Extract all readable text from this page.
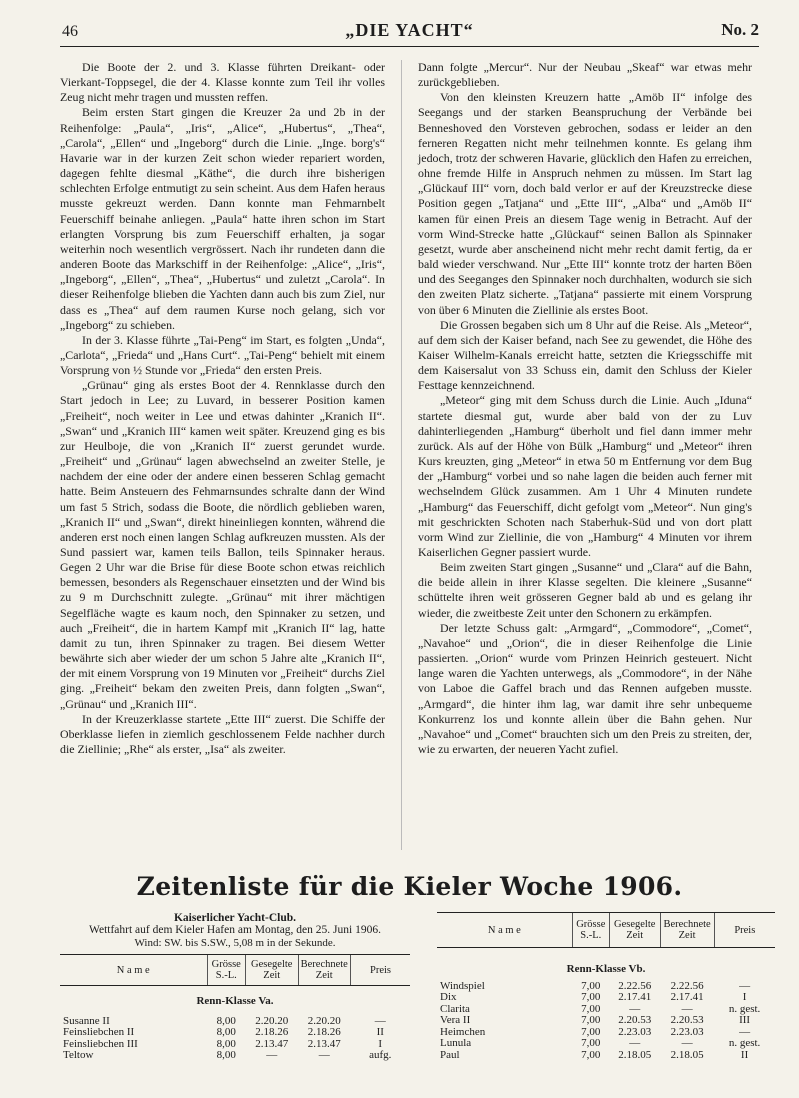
46	„DIE YACHT“	No. 2

Die Boote der 2. und 3. Klasse führten Dreikant- oder Vierkant-Toppsegel, die der 4. Klasse konnte zum Teil ihr volles Zeug nicht mehr tragen und mussten reffen.

Beim ersten Start gingen die Kreuzer 2a und 2b in der Reihenfolge: „Paula“, „Iris“, „Alice“, „Hubertus“, „Thea“, „Carola“, „Ellen“ und „Ingeborg“ durch die Linie. „Inge. borg's“ Havarie war in der kurzen Zeit schon wieder repariert worden, dagegen fehlte diesmal „Käthe“, die durch ihre bisherigen schlechten Erfolge entmutigt zu sein scheint. Aus dem Hafen heraus musste gekreuzt werden. Dann konnte man Fehmarnbelt Feuerschiff beinahe anliegen. „Paula“ hatte ihren schon im Start erlangten Vorsprung bis zum Feuerschiff erhalten, ja sogar weiterhin noch wesentlich vergrössert. Nach ihr rundeten dann die anderen Boote das Markschiff in der Reihenfolge: „Alice“, „Iris“, „Ingeborg“, „Ellen“, „Thea“, „Hubertus“ und zuletzt „Carola“. In dieser Reihenfolge blieben die Yachten dann auch bis zum Ziel, nur dass es „Thea“ auf dem raumen Kurse noch gelang, sich vor „Ingeborg“ zu schieben.

In der 3. Klasse führte „Tai-Peng“ im Start, es folgten „Unda“, „Carlota“, „Frieda“ und „Hans Curt“. „Tai-Peng“ behielt mit einem Vorsprung von ½ Stunde vor „Frieda“ den ersten Preis.

„Grünau“ ging als erstes Boot der 4. Rennklasse durch den Start jedoch in Lee; zu Luvard, in besserer Position kamen „Freiheit“, noch weiter in Lee und etwas dahinter „Kranich II“. „Swan“ und „Kranich III“ kamen weit später. Kreuzend ging es bis zur Heulboje, die von „Kranich II“ zuerst gerundet wurde. „Freiheit“ und „Grünau“ lagen abwechselnd an zweiter Stelle, je nachdem der eine oder der andere einen besseren Schlag gemacht hatte. Beim Ansteuern des Fehmarnsundes schralte dann der Wind um fast 5 Strich, sodass die Boote, die nördlich geblieben waren, „Kranich II“ und „Swan“, direkt hineinliegen konnten, während die anderen erst noch einen langen Schlag aufkreuzen mussten. Als der Sund passiert war, kamen teils Ballon, teils Spinnaker heraus. Gegen 2 Uhr war die Brise für diese Boote schon etwas reichlich bemessen, besonders als Regenschauer einsetzten und der Wind bis zu 9 m Durchschnitt zulegte. „Grünau“ mit ihrer mächtigen Segelfläche wagte es kaum noch, den Spinnaker zu setzen, und auch „Freiheit“, die in hartem Kampf mit „Kranich II“ lag, hatte damit zu tun, ihren Spinnaker zu tragen. Bei diesem Wetter bewährte sich aber wieder der um schon 5 Jahre alte „Kranich II“, der mit einem Vorsprung von 19 Minuten vor „Freiheit“ durchs Ziel ging. „Freiheit“ bekam den zweiten Preis, dann folgten „Swan“, „Grünau“ und „Kranich III“.

In der Kreuzerklasse startete „Ette III“ zuerst. Die Schiffe der Oberklasse liefen in ziemlich geschlossenem Felde nachher durch die Ziellinie; „Rhe“ als erster, „Isa“ als zweiter.

Dann folgte „Mercur“. Nur der Neubau „Skeaf“ war etwas mehr zurückgeblieben.

Von den kleinsten Kreuzern hatte „Amöb II“ infolge des Seegangs und der starken Beanspruchung der Verbände bei Benneshoved den Vorsteven gebrochen, sodass er leider an den ferneren Regatten nicht mehr teilnehmen konnte. Es gelang ihm jedoch, trotz der schweren Havarie, glücklich den Hafen zu erreichen, ohne fremde Hilfe in Anspruch nehmen zu müssen. Im Start lag „Glückauf III“ vorn, doch bald verlor er auf der Kreuzstrecke diese Position gegen „Tatjana“ und „Ette III“, „Alba“ und „Amöb II“ kamen für einen Preis an diesem Tage wenig in Betracht. Auf der vorm Wind-Strecke hatte „Glückauf“ seinen Ballon als Spinnaker gesetzt, wurde aber anscheinend nicht mehr recht damit fertig, da er bald wieder verschwand. Nur „Ette III“ konnte trotz der harten Böen und des Seeganges den Spinnaker noch durchhalten, wodurch sie sich den zweiten Platz sicherte. „Tatjana“ passierte mit einem Vorsprung von über 6 Minuten die Ziellinie als erstes Boot.

Die Grossen begaben sich um 8 Uhr auf die Reise. Als „Meteor“, auf dem sich der Kaiser befand, nach See zu gewendet, die Höhe des Kaiser Wilhelm-Kanals erreicht hatte, setzten die Kriegsschiffe mit dem Kaisersalut von 33 Schuss ein, damit den Schluss der Kieler Festtage kennzeichnend.

„Meteor“ ging mit dem Schuss durch die Linie. Auch „Iduna“ startete diesmal gut, wurde aber bald von der zu Luv dahinterliegenden „Hamburg“ überholt und fiel dann immer mehr zurück. Als auf der Höhe von Bülk „Hamburg“ und „Meteor“ ihren Kurs kreuzten, ging „Meteor“ in etwa 50 m Entfernung vor dem Bug der „Hamburg“ vorbei und so nahe lagen die beiden auch ferner mit wechselndem Glück zusammen. Am 1 Uhr 4 Minuten rundete „Hamburg“ das Feuerschiff, dicht gefolgt vom „Meteor“. Nun ging's mit geschrickten Schoten nach Staberhuk-Süd und von dort platt vorm Wind zur Ziellinie, die von „Hamburg“ 4 Minuten vor ihrem Kaiserlichen Gegner passiert wurde.

Beim zweiten Start gingen „Susanne“ und „Clara“ auf die Bahn, die beide allein in ihrer Klasse segelten. Die kleinere „Susanne“ schüttelte ihren weit grösseren Gegner bald ab und es gelang ihr wieder, die zweitbeste Zeit unter den Schonern zu erkämpfen.

Der letzte Schuss galt: „Armgard“, „Commodore“, „Comet“, „Navahoe“ und „Orion“, die in dieser Reihenfolge die Linie passierten. „Orion“ wurde vom Prinzen Heinrich gesteuert. Nicht lange waren die Yachten unterwegs, als „Commodore“, in der Nähe von Laboe die Gaffel brach und das Rennen aufgeben musste. „Armgard“, die hinter ihm lag, war damit ihre sehr unbequeme Konkurrenz los und konnte allein über die Bahn gehen. Nur „Navahoe“ und „Comet“ brauchten sich um den Preis zu streiten, der, wie zu erwarten, der neueren Yacht zufiel.

Zeitenliste für die Kieler Woche 1906.
Kaiserlicher Yacht-Club.
Wettfahrt auf dem Kieler Hafen am Montag, den 25. Juni 1906.
Wind: SW. bis S.SW., 5,08 m in der Sekunde.
N a m e	Grösse S.-L.	Gesegelte Zeit	Berechnete Zeit	Preis
Renn-Klasse Va.				
Susanne II	8,00	2.20.20	2.20.20	—
Feinsliebchen II	8,00	2.18.26	2.18.26	II
Feinsliebchen III	8,00	2.13.47	2.13.47	I
Teltow	8,00	—	—	aufg.
N a m e	Grösse S.-L.	Gesegelte Zeit	Berechnete Zeit	Preis
Renn-Klasse Vb.				
Windspiel	7,00	2.22.56	2.22.56	—
Dix	7,00	2.17.41	2.17.41	I
Clarita	7,00	—	—	n. gest.
Vera II	7,00	2.20.53	2.20.53	III
Heimchen	7,00	2.23.03	2.23.03	—
Lunula	7,00	—	—	n. gest.
Paul	7,00	2.18.05	2.18.05	II
